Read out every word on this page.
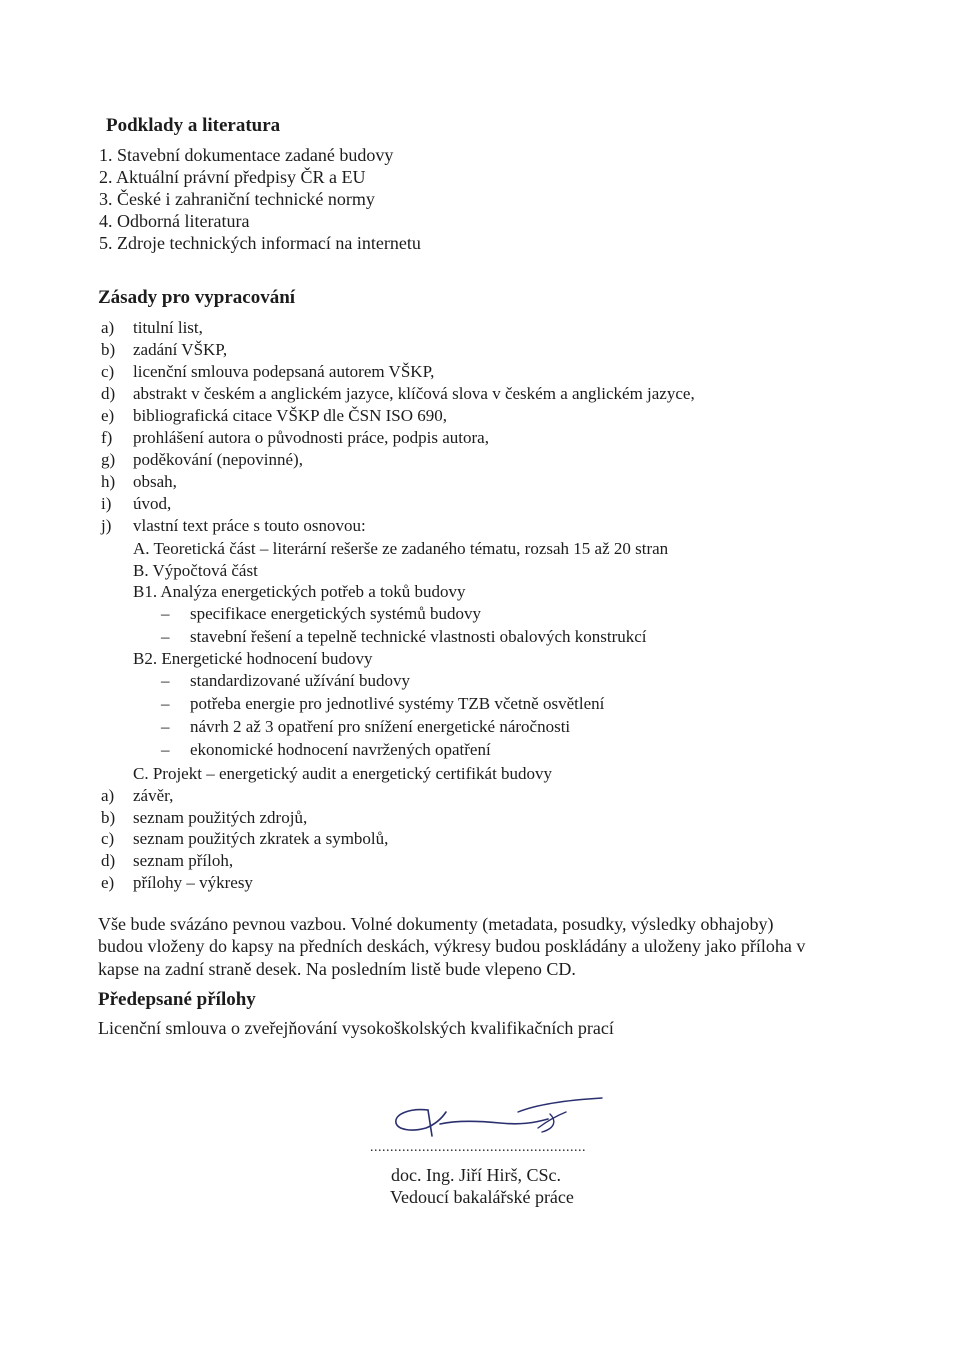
Podklady a literatura
1. Stavební dokumentace zadané budovy
2. Aktuální právní předpisy ČR a EU
3. České i zahraniční technické normy
4. Odborná literatura
5. Zdroje technických informací na internetu
Zásady pro vypracování
a) titulní list,
b) zadání VŠKP,
c) licenční smlouva podepsaná autorem VŠKP,
d) abstrakt v českém a anglickém jazyce, klíčová slova v českém a anglickém jazyce,
e) bibliografická citace VŠKP dle ČSN ISO 690,
f) prohlášení autora o původnosti práce, podpis autora,
g) poděkování (nepovinné),
h) obsah,
i) úvod,
j) vlastní text práce s touto osnovou:
A. Teoretická část – literární rešerše ze zadaného tématu, rozsah 15 až 20 stran
B. Výpočtová část
B1. Analýza energetických potřeb a toků budovy
– specifikace energetických systémů budovy
– stavební řešení a tepelně technické vlastnosti obalových konstrukcí
B2. Energetické hodnocení budovy
– standardizované užívání budovy
– potřeba energie pro jednotlivé systémy TZB včetně osvětlení
– návrh 2 až 3 opatření pro snížení energetické náročnosti
– ekonomické hodnocení navržených opatření
C. Projekt – energetický audit a energetický certifikát budovy
a) závěr,
b) seznam použitých zdrojů,
c) seznam použitých zkratek a symbolů,
d) seznam příloh,
e) přílohy – výkresy
Vše bude svázáno pevnou vazbou. Volné dokumenty (metadata, posudky, výsledky obhajoby)
budou vloženy do kapsy na předních deskách, výkresy budou poskládány a uloženy jako příloha v
kapse na zadní straně desek. Na posledním listě bude vlepeno CD.
Předepsané přílohy
Licenční smlouva o zveřejňování vysokoškolských kvalifikačních prací
......................................................
doc. Ing. Jiří Hirš, CSc.
Vedoucí bakalářské práce
